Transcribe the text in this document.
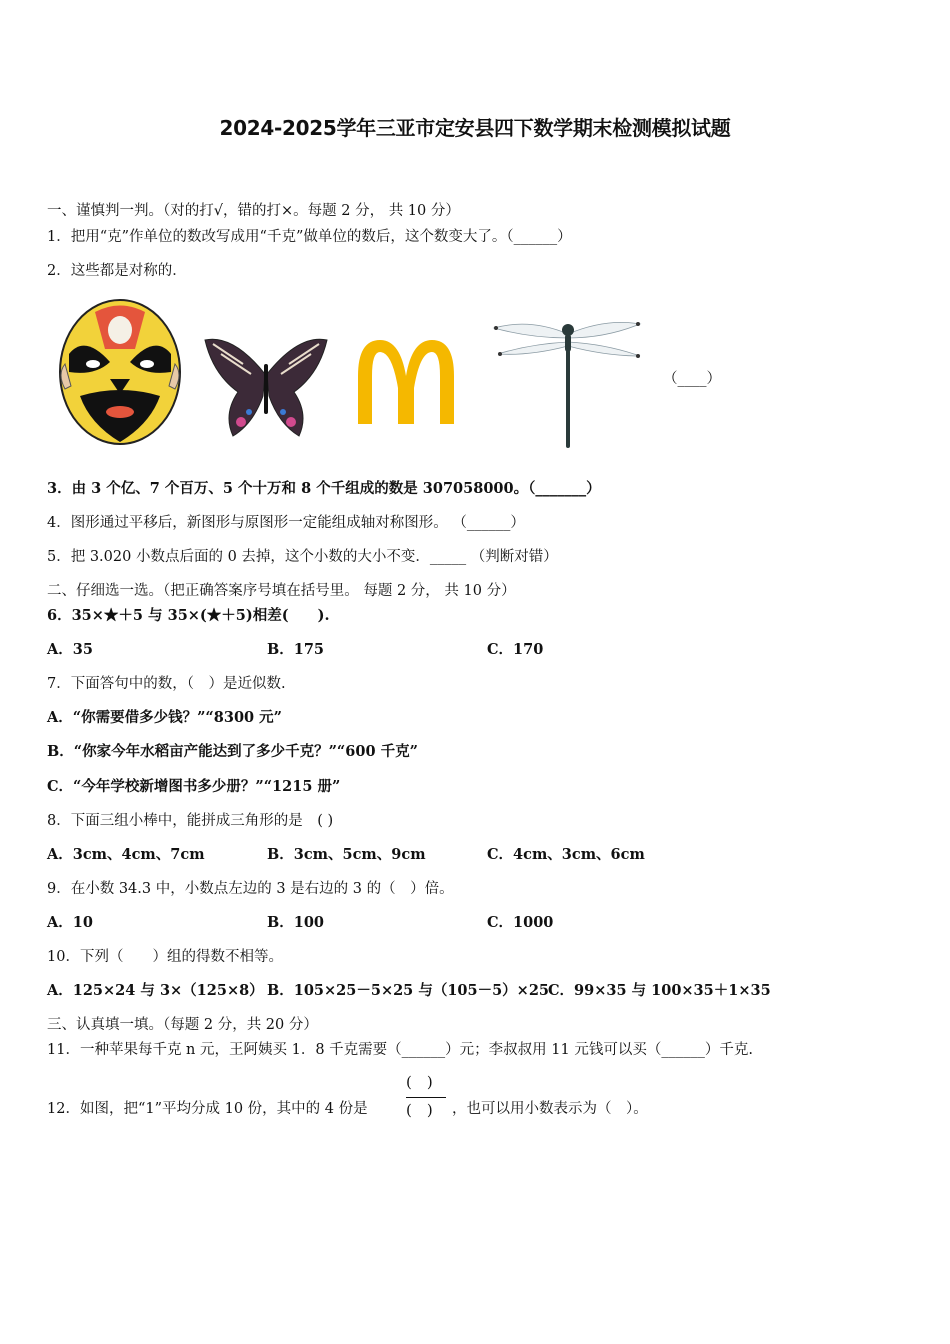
2024-2025学年三亚市定安县四下数学期末检测模拟试题
一、谨慎判一判。（对的打√，错的打×。每题 2 分， 共 10 分）
1．把用“克”作单位的数改写成用“千克”做单位的数后，这个数变大了。（______）
2．这些都是对称的．
（____）
3．由 3 个亿、7 个百万、5 个十万和 8 个千组成的数是 307058000。（_______）
4．图形通过平移后，新图形与原图形一定能组成轴对称图形。 （______）
5．把 3.020 小数点后面的 0 去掉，这个小数的大小不变．_____ （判断对错）
二、仔细选一选。（把正确答案序号填在括号里。 每题 2 分， 共 10 分）
6．35×★＋5 与 35×(★＋5)相差(　　).
A．35	B．175	C．170
7．下面答句中的数，（　）是近似数.
A．“你需要借多少钱？”“8300 元”
B．“你家今年水稻亩产能达到了多少千克？”“600 千克”
C．“今年学校新增图书多少册？”“1215 册”
8．下面三组小棒中，能拼成三角形的是　( )
A．3cm、4cm、7cm	B．3cm、5cm、9cm	C．4cm、3cm、6cm
9．在小数 34.3 中，小数点左边的 3 是右边的 3 的（　）倍。
A．10	B．100	C．1000
10．下列（　　）组的得数不相等。
A．125×24 与 3×（125×8） B．105×25－5×25 与（105－5）×25 C．99×35 与 100×35＋1×35
三、认真填一填。（每题 2 分，共 20 分）
11．一种苹果每千克 n 元，王阿姨买 1．8 千克需要（______）元；李叔叔用 11 元钱可以买（______）千克.
12．如图，把“1”平均分成 10 份，其中的 4 份是
(　)
(　) ，也可以用小数表示为（　）。
